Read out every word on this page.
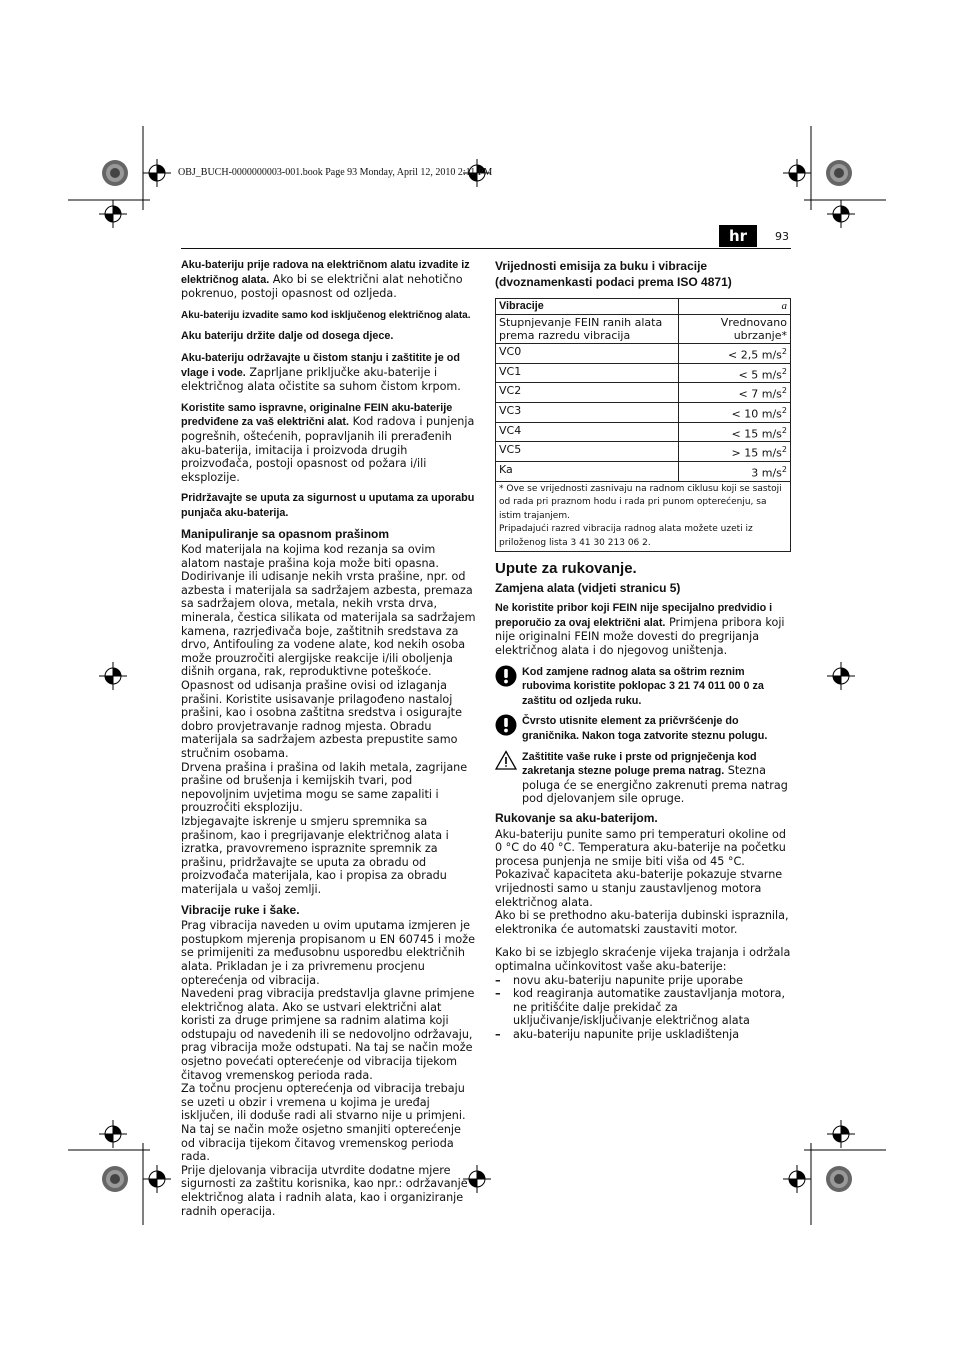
OBJ_BUCH-0000000003-001.book Page 93 Monday, April 12, 2010 2:11 PM
hr	93

Aku-bateriju prije radova na električnom alatu izvadite iz električnog alata. Ako bi se električni alat nehotično pokrenuo, postoji opasnost od ozljeda.

Aku-bateriju izvadite samo kod isključenog električnog alata.

Aku bateriju držite dalje od dosega djece.

Aku-bateriju održavajte u čistom stanju i zaštitite je od vlage i vode. Zaprljane priključke aku-baterije i električnog alata očistite sa suhom čistom krpom.

Koristite samo ispravne, originalne FEIN aku-baterije predviđene za vaš električni alat. Kod radova i punjenja pogrešnih, oštećenih, popravljanih ili prerađenih aku-baterija, imitacija i proizvoda drugih proizvođača, postoji opasnost od požara i/ili eksplozije.

Pridržavajte se uputa za sigurnost u uputama za uporabu punjača aku-baterija.

Manipuliranje sa opasnom prašinom

Kod materijala na kojima kod rezanja sa ovim alatom nastaje prašina koja može biti opasna.
Dodirivanje ili udisanje nekih vrsta prašine, npr. od azbesta i materijala sa sadržajem azbesta, premaza sa sadržajem olova, metala, nekih vrsta drva, minerala, čestica silikata od materijala sa sadržajem kamena, razrjeđivača boje, zaštitnih sredstava za drvo, Antifouling za vodene alate, kod nekih osoba može prouzročiti alergijske reakcije i/ili oboljenja dišnih organa, rak, reproduktivne poteškoće. Opasnost od udisanja prašine ovisi od izlaganja prašini. Koristite usisavanje prilagođeno nastaloj prašini, kao i osobna zaštitna sredstva i osigurajte dobro provjetravanje radnog mjesta. Obradu materijala sa sadržajem azbesta prepustite samo stručnim osobama.
Drvena prašina i prašina od lakih metala, zagrijane prašine od brušenja i kemijskih tvari, pod nepovoljnim uvjetima mogu se same zapaliti i prouzročiti eksploziju.
Izbjegavajte iskrenje u smjeru spremnika sa prašinom, kao i pregrijavanje električnog alata i izratka, pravovremeno ispraznite spremnik za prašinu, pridržavajte se uputa za obradu od proizvođača materijala, kao i propisa za obradu materijala u vašoj zemlji.

Vibracije ruke i šake.

Prag vibracija naveden u ovim uputama izmjeren je postupkom mjerenja propisanom u EN 60745 i može se primijeniti za međusobnu usporedbu električnih alata. Prikladan je i za privremenu procjenu opterećenja od vibracija.
Navedeni prag vibracija predstavlja glavne primjene električnog alata. Ako se ustvari električni alat koristi za druge primjene sa radnim alatima koji odstupaju od navedenih ili se nedovoljno održavaju, prag vibracija može odstupati. Na taj se način može osjetno povećati opterećenje od vibracija tijekom čitavog vremenskog perioda rada.
Za točnu procjenu opterećenja od vibracija trebaju se uzeti u obzir i vremena u kojima je uređaj isključen, ili doduše radi ali stvarno nije u primjeni. Na taj se način može osjetno smanjiti opterećenje od vibracija tijekom čitavog vremenskog perioda rada.
Prije djelovanja vibracija utvrdite dodatne mjere sigurnosti za zaštitu korisnika, kao npr.: održavanje električnog alata i radnih alata, kao i organiziranje radnih operacija.

Vrijednosti emisija za buku i vibracije (dvoznamenkasti podaci prema ISO 4871)
Vibracije	a
Stupnjevanje FEIN ranih alata prema razredu vibracija	Vrednovano ubrzanje*
VC0	< 2,5 $m/s^2$
VC1	< 5 $m/s^2$
VC2	< 7 $m/s^2$
VC3	< 10 $m/s^2$
VC4	< 15 $m/s^2$
VC5	> 15 $m/s^2$
Ka	3 $m/s^2$

* Ove se vrijednosti zasnivaju na radnom ciklusu koji se sastoji od rada pri praznom hodu i rada pri punom opterećenju, sa istim trajanjem.
Pripadajući razred vibracija radnog alata možete uzeti iz priloženog lista 3 41 30 213 06 2.	
Upute za rukovanje.
Zamjena alata (vidjeti stranicu 5)

Ne koristite pribor koji FEIN nije specijalno predvidio i preporučio za ovaj električni alat. Primjena pribora koji nije originalni FEIN može dovesti do pregrijanja električnog alata i do njegovog uništenja.

Kod zamjene radnog alata sa oštrim reznim rubovima koristite poklopac 3 21 74 011 00 0 za zaštitu od ozljeda ruku.
Čvrsto utisnite element za pričvršćenje do graničnika. Nakon toga zatvorite steznu polugu.
Zaštitite vaše ruke i prste od prignječenja kod zakretanja stezne poluge prema natrag. Stezna poluga će se energično zakrenuti prema natrag pod djelovanjem sile opruge.
Rukovanje sa aku-baterijom.

Aku-bateriju punite samo pri temperaturi okoline od 0 °C do 40 °C. Temperatura aku-baterije na početku procesa punjenja ne smije biti viša od 45 °C.
Pokazivač kapaciteta aku-baterije pokazuje stvarne vrijednosti samo u stanju zaustavljenog motora električnog alata.
Ako bi se prethodno aku-baterija dubinski ispraznila, elektronika će automatski zaustaviti motor.

Kako bi se izbjeglo skraćenje vijeka trajanja i održala optimalna učinkovitost vaše aku-baterije:

– novu aku-bateriju napunite prije uporabe
– kod reagiranja automatike zaustavljanja motora, ne pritišćite dalje prekidač za uključivanje/isključivanje električnog alata
– aku-bateriju napunite prije uskladištenja
